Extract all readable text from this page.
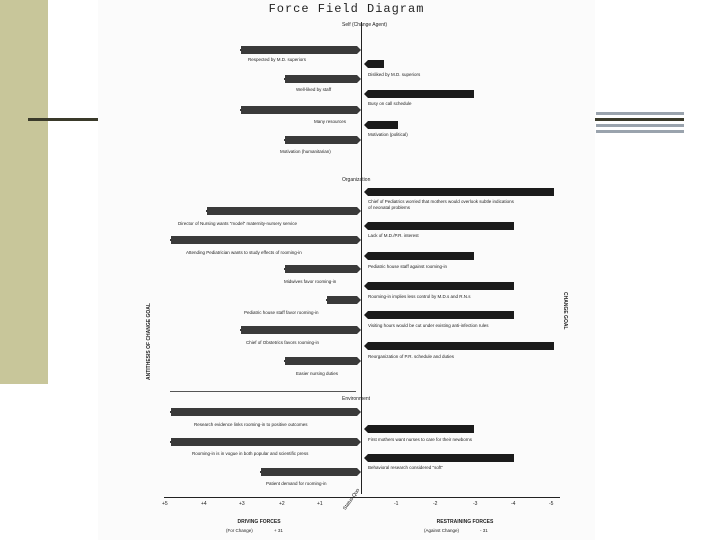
Force Field Diagram
Self (Change Agent)
Respected by M.D. superiors
Disliked by M.D. superiors
Well-liked by staff
Busy on call schedule
Many resources
Motivation (political)
Motivation (humanitarian)
Organization
Chief of Pediatrics worried that mothers would overlook subtle indications
of neonatal problems
Director of Nursing wants "model" maternity-nursery service
Lack of M.D./P.R. interest
Attending Pediatrician wants to study effects of rooming-in
Pediatric house staff against rooming-in
Midwives favor rooming-in
Rooming-in implies less control by M.D.s and R.N.s
Pediatric house staff favor rooming-in
Visiting hours would be cut under existing anti-infection rules
Chief of Obstetrics favors rooming-in
Reorganization of P.R. schedule and duties
Easier nursing duties
Environment
Research evidence links rooming-in to positive outcomes
First mothers want nurses to care for their newborns
Rooming-in is in vogue in both popular and scientific press
Behavioral research considered "soft"
Patient demand for rooming-in
+5	+4	+3	+2	+1	-1	-2	-3	-4	-5
DRIVING FORCES
(For Change)	+ 31
RESTRAINING FORCES
(Against Change)	- 31
Status Quo
ANTITHESIS OF CHANGE GOAL	CHANGE GOAL
